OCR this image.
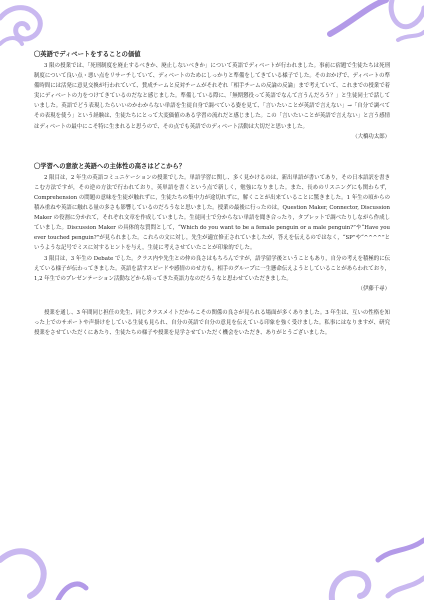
〇英語でディベートをすることの価値

3 限の授業では、「死刑制度を廃止するべきか、廃止しないべきか」について英語でディベートが行われました。事前に宿題で生徒たちは死刑制度について良い点・悪い点をリサーチしていて、ディベートのためにしっかりと準備をしてきている様子でした。そのおかげで、ディベートの準備時間には活発に意見交換が行われていて、賛成チームと反対チームがそれぞれ「相手チームの反論の反論」まで考えていて、これまでの授業で着実にディベートの力をつけてきているのだなと感じました。準備している際に、「無期懲役って英語でなんて言うんだろう？」と生徒同士で話していました。英語でどう表現したらいいのかわからない単語を生徒自身で調べている姿を見て、「言いたいことが英語で言えない」→「自分で調べてその表現を使う」という経験は、生徒たちにとって大変価値のある学習の流れだと感じました。この「言いたいことが英語で言えない」と言う感情はディベートの最中にこそ特に生まれると思うので、その点でも英語でのディベート活動は大切だと思いました。

（大橋功太郎）

〇学習への意欲と英語への主体性の高さはどこから？

2 限目は，2 年生の英語コミュニケーションの授業でした。単語学習に関し、多く見かけるのは、新出単語が書いてあり，その日本語訳を書きこむ方法ですが，その逆の方法で行われており，英単語を書くという点で新しく，勉強になりました。また、長めのリスニングにも関わらず，Comprehension の問題の意味を生徒が触れずに，生徒たちの集中力が途切れずに，解くことが出来ていることに驚きました。1 年生の頃からの積み重ねや英語に触れる量の多さも影響しているのだろうなと思いました。授業の最後に行ったのは，Question Maker, Connector, Discussion Maker の役割に分かれて，それぞれ文章を作成していました。生徒同士で分からない単語を聞き合ったり，タブレットで調べたりしながら作成していました。Discussion Maker の具体的な質問として，“Which do you want to be a female penguin or a male penguin?”や“Have you ever touched penguin?”が見られました。これらの文に対し，先生が適宜修正されていましたが，答えを伝えるのではなく，“SP”や“^^^^”というような記号でミスに対するヒントを与え，生徒に考えさせていたことが印象的でした。

3 限目は，3 年生の Debate でした。クラス内や先生との仲の良さはもちろんですが，語学留学後ということもあり，自分の考えを積極的に伝えている様子が伝わってきました。英語を話すスピードや感情ののせ方も，相手のグループに一生懸命伝えようとしていることがあらわれており，1,2 年生でのプレゼンテーション活動などから培ってきた英語力なのだろうなと思わせていただきました。

（伊藤千尋）

授業を通し、3 年間同じ担任の先生、同じクラスメイトだからこその関係の良さが見られる場面が多くありました。3 年生は、互いの性格を知った上でのサポートや声掛けをしている生徒も見られ、自分の英語で自分の意見を伝えている印象を強く受けました。私事にはなりますが、研究授業をさせていただくにあたり、生徒たちの様子や授業を見学させていただく機会をいただき、ありがとうございました。
